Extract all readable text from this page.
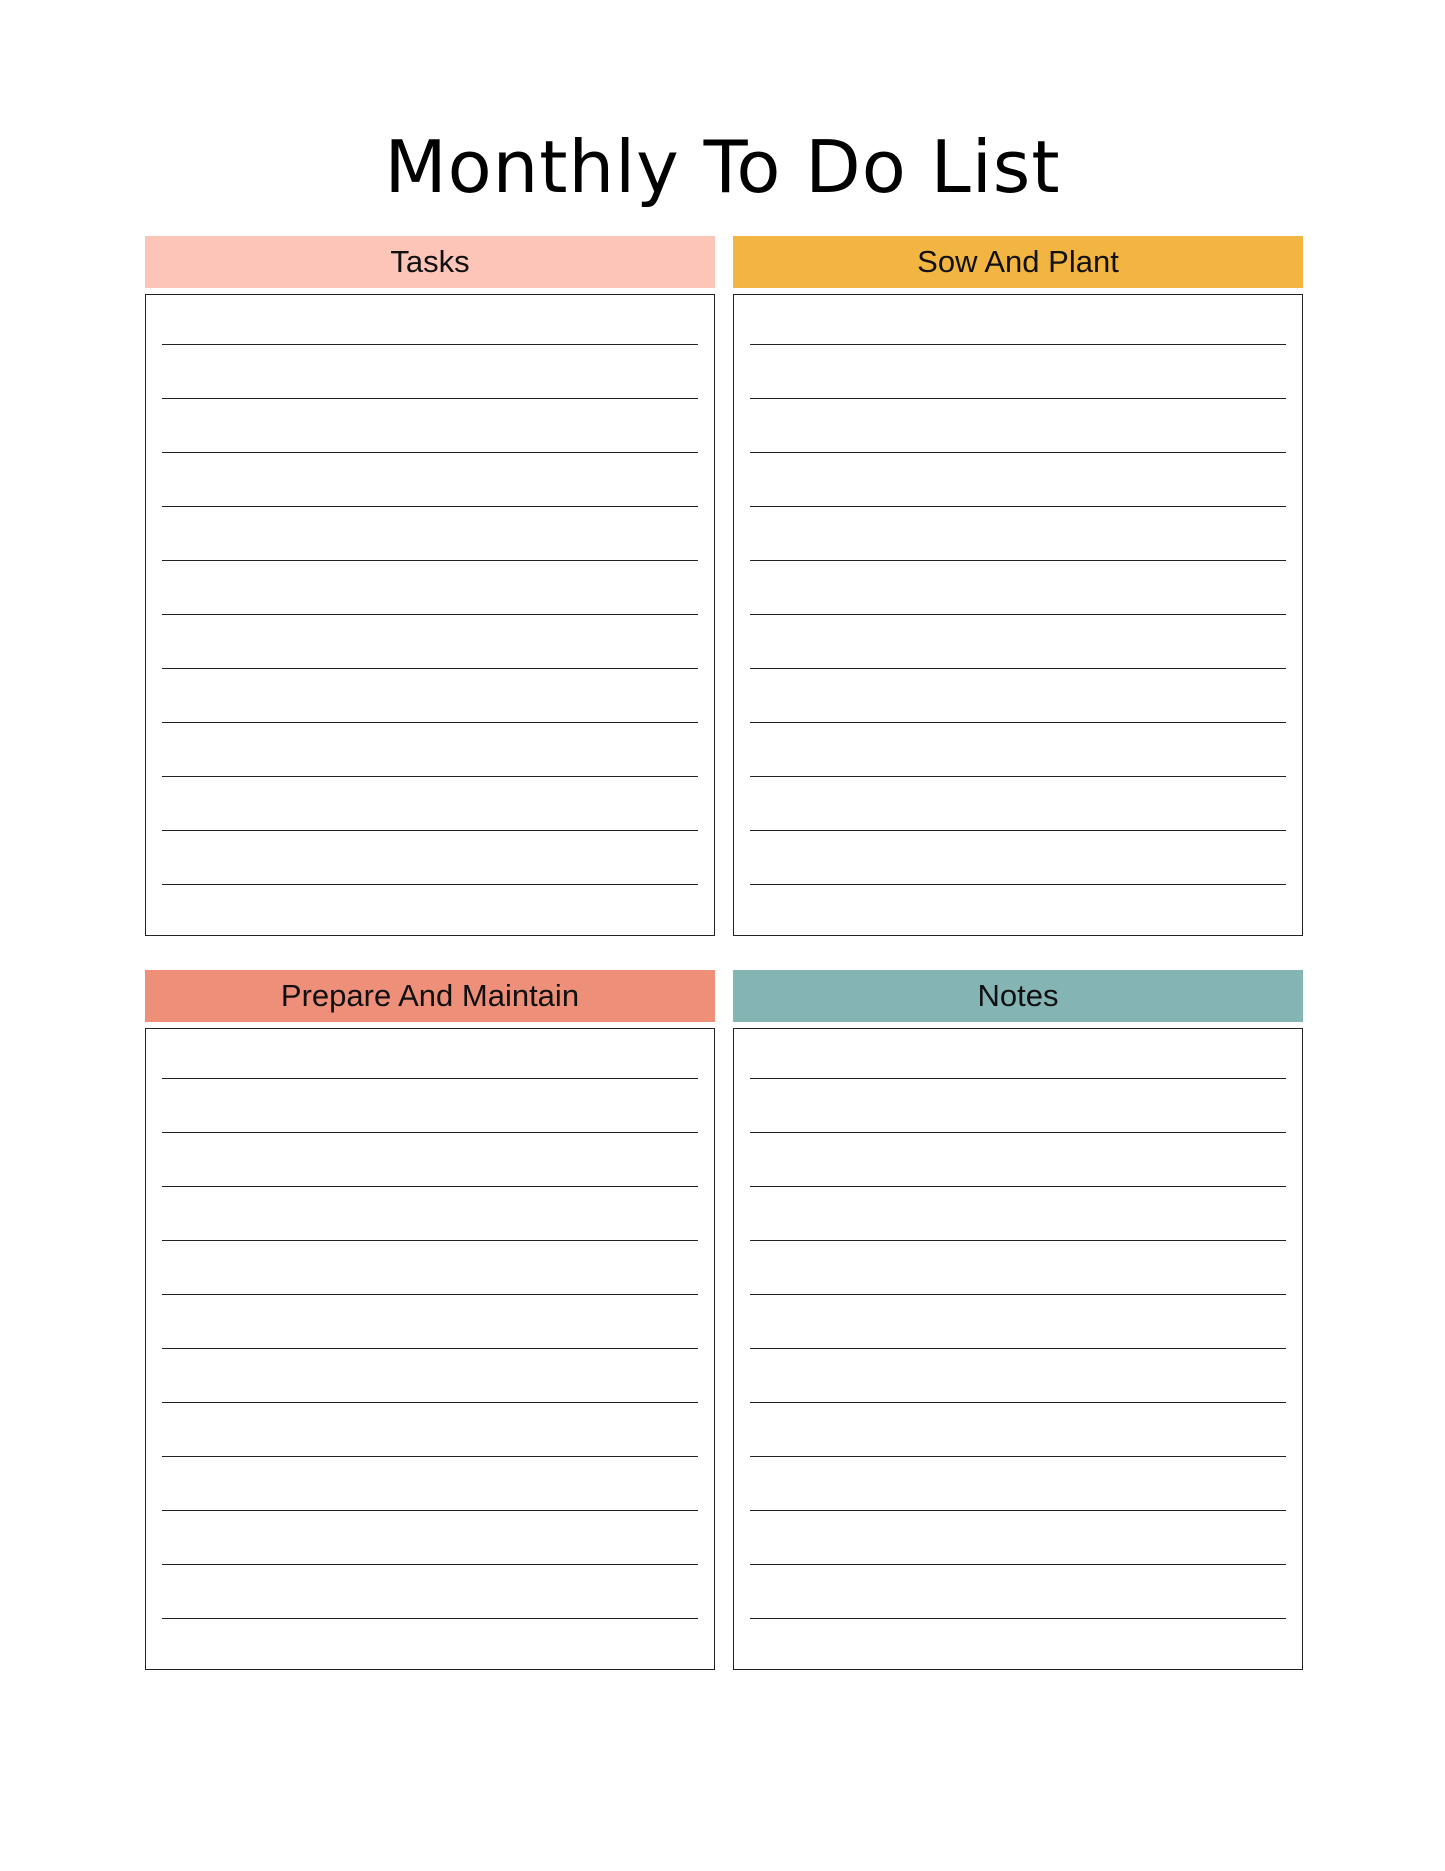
Monthly To Do List
Tasks	Sow And Plant
Prepare And Maintain	Notes
